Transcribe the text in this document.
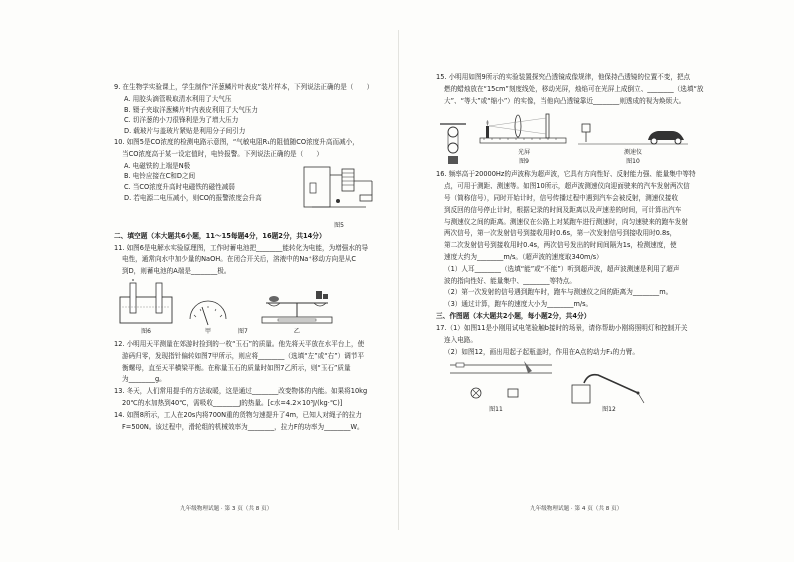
9. 在生物学实验课上，学生制作“洋葱鳞片叶表皮”装片样本，下列说法正确的是（　　）
A. 用胶头滴管吸取清水利用了大气压
B. 镊子夹取洋葱鳞片叶内表皮利用了大气压力
C. 切洋葱的小刀很锋利是为了增大压力
D. 载玻片与盖玻片紧贴是利用分子间引力
10. 如图5是CO浓度的检测电路示意图，“气敏电阻R₁的阻值随CO浓度升高而减小，
当CO浓度高于某一设定值时，电铃报警。下列说法正确的是（　　）
A. 电磁铁的上端是N极
B. 电铃应接在C和D之间
C. 当CO浓度升高时电磁铁的磁性减弱
D. 若电源二电压减小，则CO的报警浓度会升高
图5
二、填空题（本大题共6小题，11～15每题4分，16题2分，共14分）
11. 如图6是电解水实验原理图，工作时蓄电池把________能转化为电能，为增强水的导
电性，通常向水中加少量的NaOH。在闭合开关后，溶液中的Na⁺移动方向是从C
到D，则蓄电池的A端是________极。
图6	甲	图7	乙
12. 小明用天平测量在郊游时捡到的一枚“玉石”的质量。他先将天平放在水平台上，使
游码归零，发现指针偏转如图7甲所示，则应将________（选填“左”或“右”）调节平
衡螺母，直至天平横梁平衡。在称量玉石的质量时如图7乙所示，则“玉石”质量
为________g。
13. 冬天，人们常用提手的方法取暖，这是通过________改变物体的内能。如果将10kg
20℃的水加热到40℃，需吸收________J的热量。[c水=4.2×10³J/(kg·℃)]
14. 如图8所示，工人在20s内将700N重的货物匀速提升了4m，已知人对绳子的拉力
F=500N。该过程中，滑轮组的机械效率为________，拉力F的功率为________W。
九年级物理试题 · 第 3 页（共 8 页）
15. 小明用如图9所示的实验装置探究凸透镜成像规律，他保持凸透镜的位置不变，把点
燃的蜡烛放在“15cm”刻度线处，移动光屏，烛焰可在光屏上成倒立、________（选填“放
大”、“等大”或“缩小”）的实像，当他向凸透镜靠近________则透成的视为焕烦大。
光屏
图9
测速仪
图10
16. 频率高于20000Hz的声波称为超声波，它具有方向性好、反射能力强、能量集中等特
点，可用于测距、测速等。如图10所示，超声波测速仪向迎面驶来的汽车发射两次信
号（简称信号），同时开始计时，信号传播过程中遇到汽车会被反射，测速仪接收
到反回的信号停止计时，根据记录的时间及距离以及声速差的时间，可计算出汽车
与测速仪之间的距离。测速仪在公路上对某跑车进行测速时，向匀速驶来的跑车发射
两次信号，第一次发射信号到接收用时0.6s，第一次发射信号到接收用时0.8s，
第二次发射信号到接收用时0.4s，两次信号发出的时间间隔为1s，检测速度，使
速度大约为________m/s。（超声波的速度取340m/s）
（1）人耳________（选填“能”或“不能”）听到超声波，超声波测速是利用了超声
波的指向性好、能量集中、________等特点。
（2）第一次发射的信号遇到跑车时，跑车与测速仪之间的距离为________m。
（3）通过计算，跑车的速度大小为________m/s。
三、作图题（本大题共2小题，每小题2分，共4分）
17.（1）如图11是小刚用试电笔验触b接时的场景，请你帮助小刚将照明灯和控制开关
连入电路。
（2）如图12，画出用起子起瓶盖时，作用在A点的动力F₁的力臂。
图11	图12
九年级物理试题 · 第 4 页（共 8 页）
